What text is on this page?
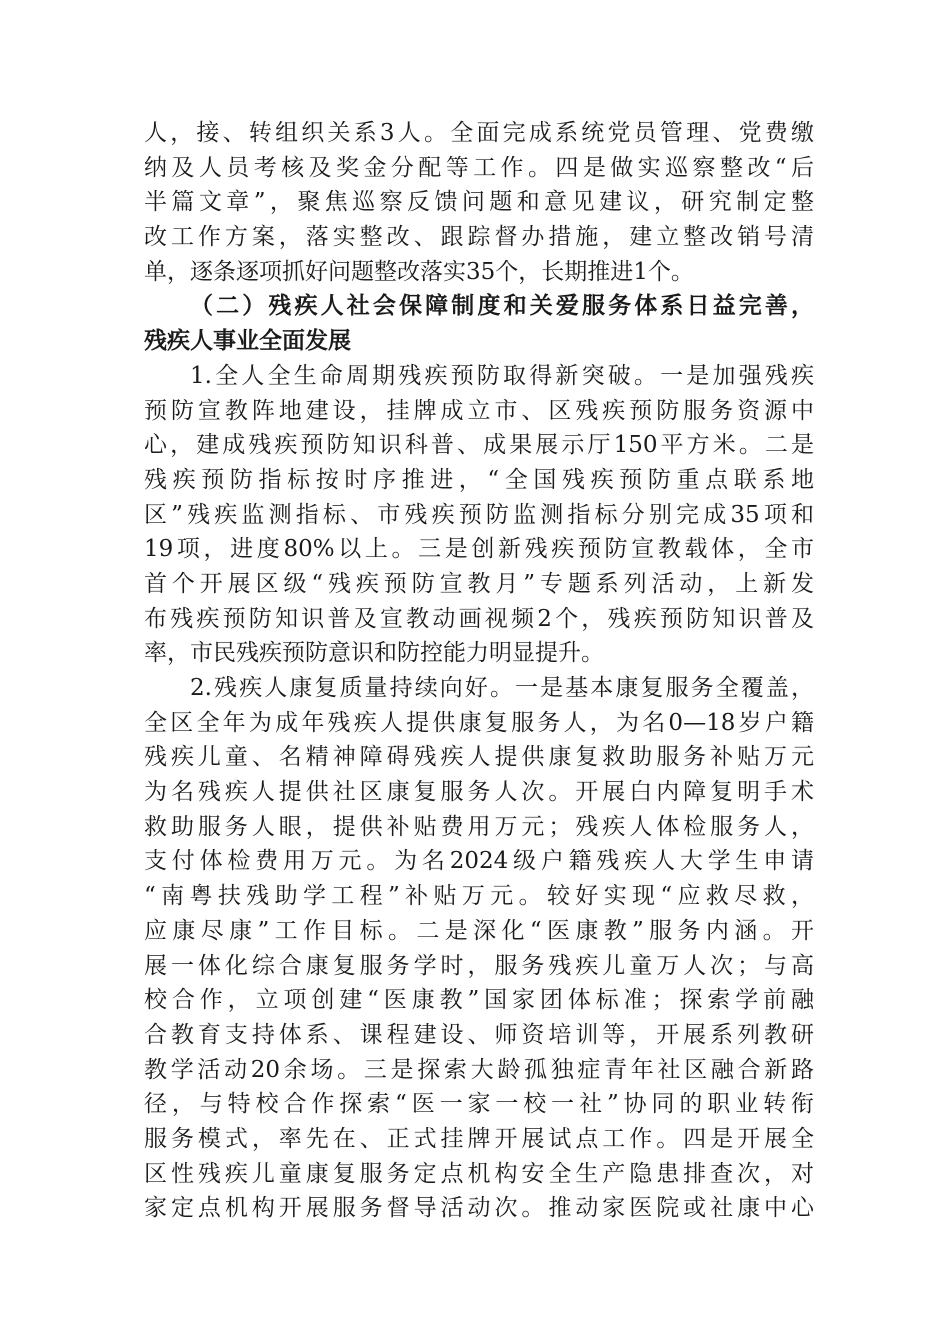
人，接、转组织关系3人。全面完成系统党员管理、党费缴
纳及人员考核及奖金分配等工作。四是做实巡察整改“后
半篇文章”，聚焦巡察反馈问题和意见建议，研究制定整
改工作方案，落实整改、跟踪督办措施，建立整改销号清
单，逐条逐项抓好问题整改落实35个，长期推进1个。
（二）残疾人社会保障制度和关爱服务体系日益完善，
残疾人事业全面发展
1.全人全生命周期残疾预防取得新突破。一是加强残疾
预防宣教阵地建设，挂牌成立市、区残疾预防服务资源中
心，建成残疾预防知识科普、成果展示厅150平方米。二是
残疾预防指标按时序推进，“全国残疾预防重点联系地
区”残疾监测指标、市残疾预防监测指标分别完成35项和
19项，进度80%以上。三是创新残疾预防宣教载体，全市
首个开展区级“残疾预防宣教月”专题系列活动，上新发
布残疾预防知识普及宣教动画视频2个，残疾预防知识普及
率，市民残疾预防意识和防控能力明显提升。
2.残疾人康复质量持续向好。一是基本康复服务全覆盖，
全区全年为成年残疾人提供康复服务人，为名0—18岁户籍
残疾儿童、名精神障碍残疾人提供康复救助服务补贴万元
为名残疾人提供社区康复服务人次。开展白内障复明手术
救助服务人眼，提供补贴费用万元；残疾人体检服务人，
支付体检费用万元。为名2024级户籍残疾人大学生申请
“南粤扶残助学工程”补贴万元。较好实现“应救尽救，
应康尽康”工作目标。二是深化“医康教”服务内涵。开
展一体化综合康复服务学时，服务残疾儿童万人次；与高
校合作，立项创建“医康教”国家团体标准；探索学前融
合教育支持体系、课程建设、师资培训等，开展系列教研
教学活动20余场。三是探索大龄孤独症青年社区融合新路
径，与特校合作探索“医一家一校一社”协同的职业转衔
服务模式，率先在、正式挂牌开展试点工作。四是开展全
区性残疾儿童康复服务定点机构安全生产隐患排查次，对
家定点机构开展服务督导活动次。推动家医院或社康中心
